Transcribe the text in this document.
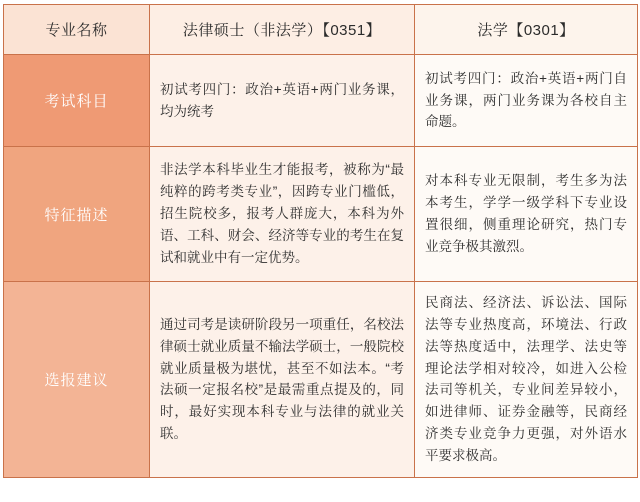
专业名称	法律硕士（非法学）【0351】	法学【0301】
考试科目	初试考四门：政治+英语+两门业务课，均为统考	初试考四门：政治+英语+两门自业务课，两门业务课为各校自主命题。
特征描述	非法学本科毕业生才能报考，被称为“最纯粹的跨考类专业”，因跨专业门槛低，招生院校多，报考人群庞大，本科为外语、工科、财会、经济等专业的考生在复试和就业中有一定优势。	对本科专业无限制，考生多为法本考生，学学一级学科下专业设置很细，侧重理论研究，热门专业竞争极其激烈。
选报建议	通过司考是读研阶段另一项重任，名校法律硕士就业质量不输法学硕士，一般院校就业质量极为堪忧，甚至不如法本。“考法硕一定报名校”是最需重点提及的，同时，最好实现本科专业与法律的就业关联。	民商法、经济法、诉讼法、国际法等专业热度高，环境法、行政法等热度适中，法理学、法史等理论法学相对较冷，如进入公检法司等机关，专业间差异较小，如进律师、证券金融等，民商经济类专业竞争力更强，对外语水平要求极高。
